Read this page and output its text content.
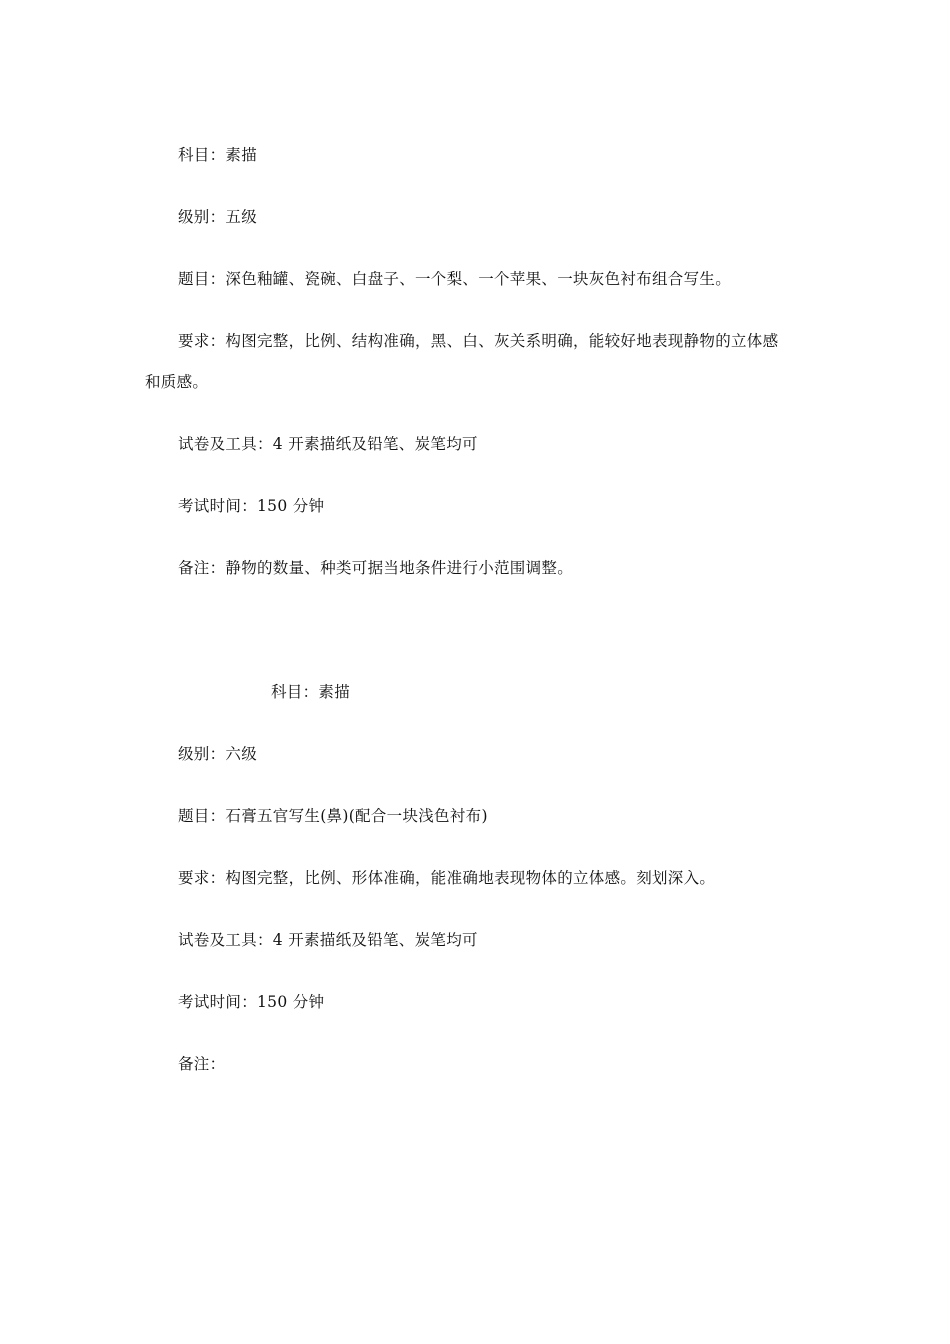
科目：素描
级别：五级
题目：深色釉罐、瓷碗、白盘子、一个梨、一个苹果、一块灰色衬布组合写生。
要求：构图完整，比例、结构准确，黑、白、灰关系明确，能较好地表现静物的立体感
和质感。
试卷及工具：4 开素描纸及铅笔、炭笔均可
考试时间：150 分钟
备注：静物的数量、种类可据当地条件进行小范围调整。
科目：素描
级别：六级
题目：石膏五官写生(鼻)(配合一块浅色衬布)
要求：构图完整，比例、形体准确，能准确地表现物体的立体感。刻划深入。
试卷及工具：4 开素描纸及铅笔、炭笔均可
考试时间：150 分钟
备注：
